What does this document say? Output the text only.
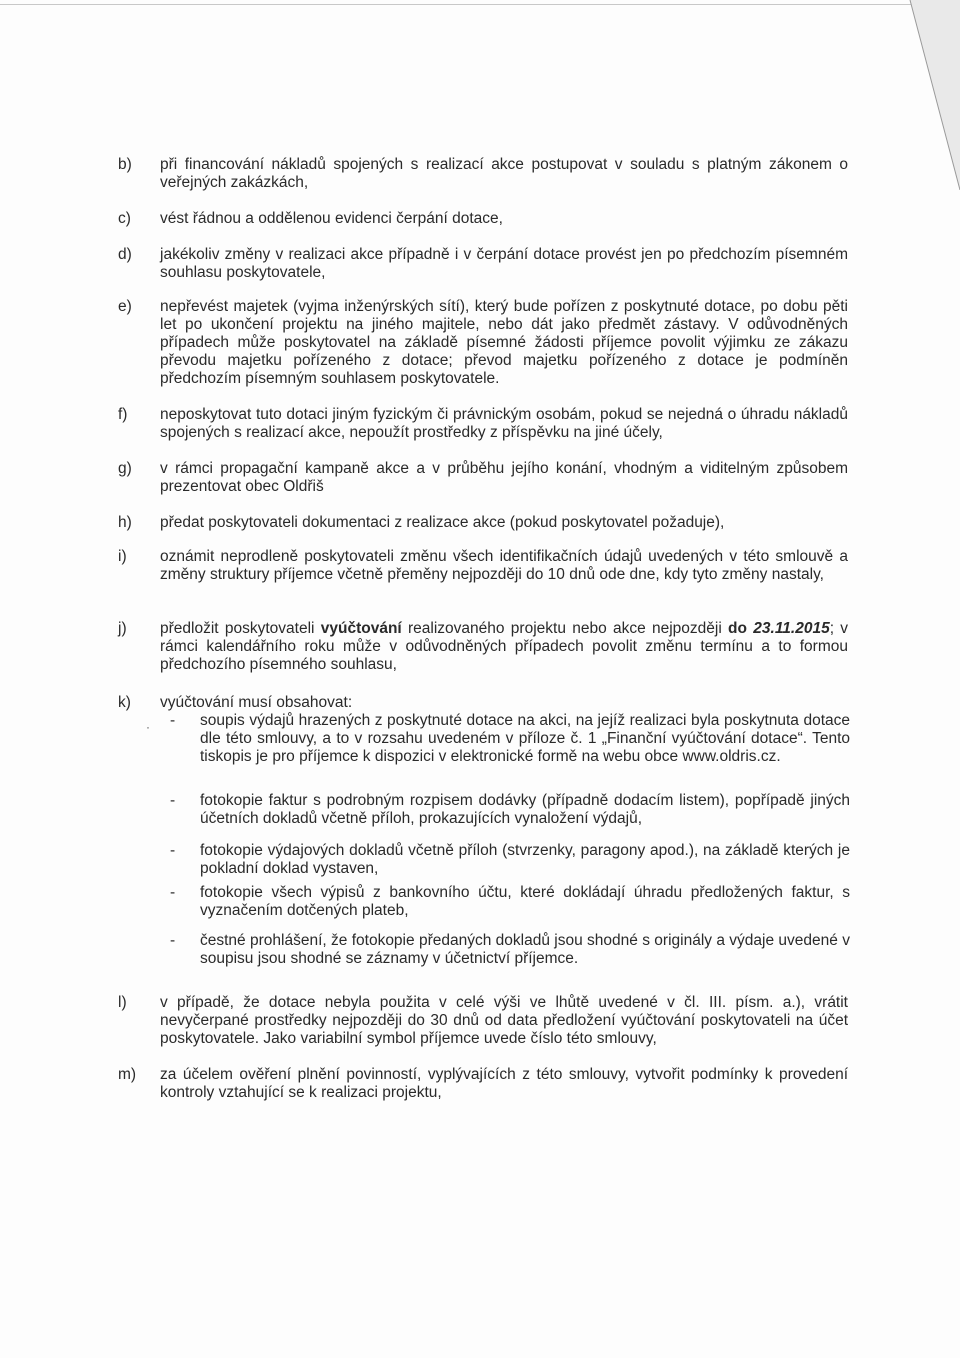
b)	při financování nákladů spojených s realizací akce postupovat v souladu s platným zákonem o veřejných zakázkách,
c)	vést řádnou a oddělenou evidenci čerpání dotace,
d)	jakékoliv změny v realizaci akce případně i v čerpání dotace provést jen po předchozím písemném souhlasu poskytovatele,
e)	nepřevést majetek (vyjma inženýrských sítí), který bude pořízen z poskytnuté dotace, po dobu pěti let po ukončení projektu na jiného majitele, nebo dát jako předmět zástavy. V odůvodněných případech může poskytovatel na základě písemné žádosti příjemce povolit výjimku ze zákazu převodu majetku pořízeného z dotace; převod majetku pořízeného z dotace je podmíněn předchozím písemným souhlasem poskytovatele.
f)	neposkytovat tuto dotaci jiným fyzickým či právnickým osobám, pokud se nejedná o úhradu nákladů spojených s realizací akce, nepoužít prostředky z příspěvku na jiné účely,
g)	v rámci propagační kampaně akce a v průběhu jejího konání, vhodným a viditelným způsobem prezentovat obec Oldřiš
h)	předat poskytovateli dokumentaci z realizace akce (pokud poskytovatel požaduje),
i)	oznámit neprodleně poskytovateli změnu všech identifikačních údajů uvedených v této smlouvě a změny struktury příjemce včetně přeměny nejpozději do 10 dnů ode dne, kdy tyto změny nastaly,
j)	předložit poskytovateli vyúčtování realizovaného projektu nebo akce nejpozději do 23.11.2015; v rámci kalendářního roku může v odůvodněných případech povolit změnu termínu a to formou předchozího písemného souhlasu,
k)	vyúčtování musí obsahovat:
· - soupis výdajů hrazených z poskytnuté dotace na akci, na jejíž realizaci byla poskytnuta dotace dle této smlouvy, a to v rozsahu uvedeném v příloze č. 1 „Finanční vyúčtování dotace“. Tento tiskopis je pro příjemce k dispozici v elektronické formě na webu obce www.oldris.cz.
- fotokopie faktur s podrobným rozpisem dodávky (případně dodacím listem), popřípadě jiných účetních dokladů včetně příloh, prokazujících vynaložení výdajů,
- fotokopie výdajových dokladů včetně příloh (stvrzenky, paragony apod.), na základě kterých je pokladní doklad vystaven,
- fotokopie všech výpisů z bankovního účtu, které dokládají úhradu předložených faktur, s vyznačením dotčených plateb,
- čestné prohlášení, že fotokopie předaných dokladů jsou shodné s originály a výdaje uvedené v soupisu jsou shodné se záznamy v účetnictví příjemce.
l)	v případě, že dotace nebyla použita v celé výši ve lhůtě uvedené v čl. III. písm. a.), vrátit nevyčerpané prostředky nejpozději do 30 dnů od data předložení vyúčtování poskytovateli na účet poskytovatele. Jako variabilní symbol příjemce uvede číslo této smlouvy,
m)	za účelem ověření plnění povinností, vyplývajících z této smlouvy, vytvořit podmínky k provedení kontroly vztahující se k realizaci projektu,
